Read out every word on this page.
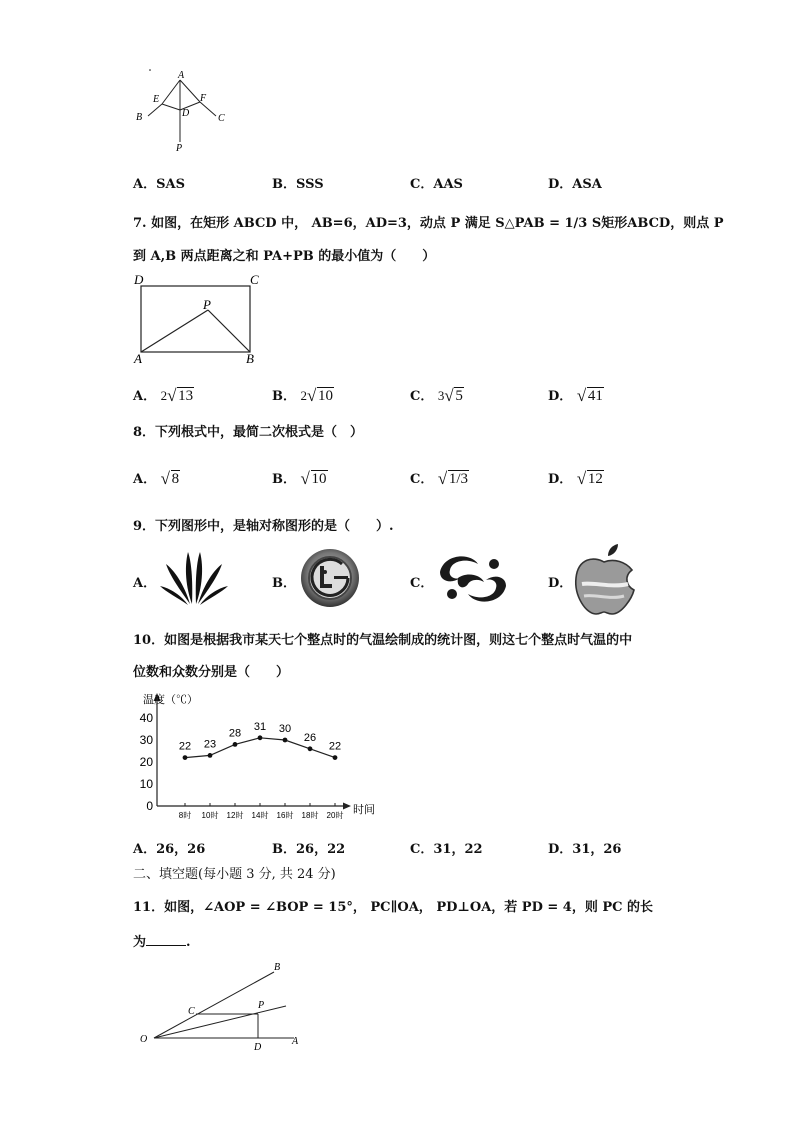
A
E	F
D
B	C
P
A．SAS	B．SSS	C．AAS	D．ASA
7. 如图，在矩形 ABCD 中， AB=6，AD=3，动点 P 满足 S△PAB = 1/3 S矩形ABCD，则点 P
到 A,B 两点距离之和 PA+PB 的最小值为（　　）
D	C
P
A	B
A． 2 √ 13	B． 2 √ 10	C． 3 √ 5	D． √ 41
8．下列根式中，最简二次根式是（　）
A． √ 8	B． √ 10	C． √ 1/3	D． √ 12
9．下列图形中，是轴对称图形的是（　　）.
A．	B．	C．	D．
10．如图是根据我市某天七个整点时的气温绘制成的统计图，则这七个整点时气温的中
位数和众数分别是（　　）
温度（℃）
时间
0
10
20
30
40
8时 10时 12时 14时 16时 18时 20时
22 23
28
31 30
26
22
A．26，26	B．26，22	C．31，22	D．31，26
二、填空题(每小题 3 分, 共 24 分)
11．如图，∠AOP = ∠BOP = 15°， PC∥OA， PD⊥OA，若 PD = 4，则 PC 的长
为	.
B
C
P
O
D
A
